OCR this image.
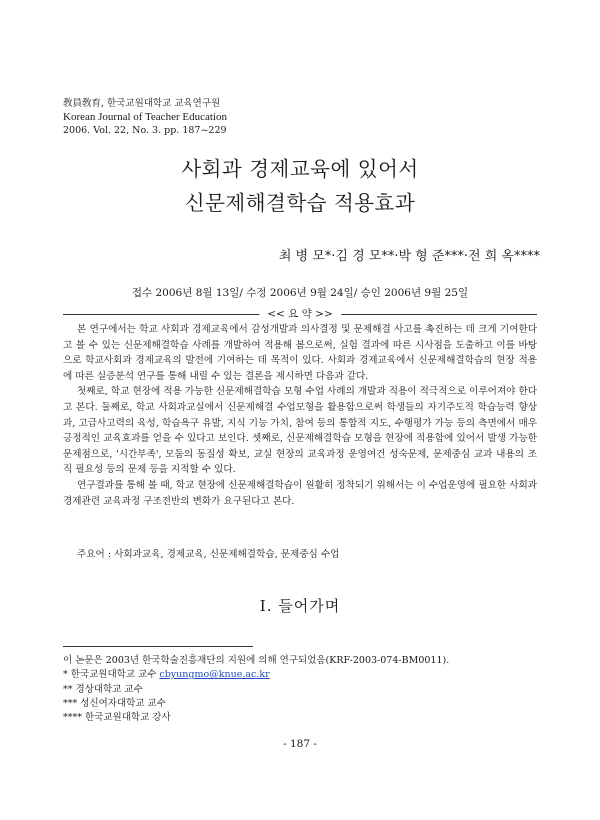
敎員敎育, 한국교원대학교 교육연구원
Korean Journal of Teacher Education
2006. Vol. 22, No. 3. pp. 187~229
사회과 경제교육에 있어서
신문제해결학습 적용효과
최 병 모*·김 경 모**·박 형 준***·전 희 옥****
접수 2006년 8월 13일/ 수정 2006년 9월 24일/ 승인 2006년 9월 25일
<< 요 약 >>

본 연구에서는 학교 사회과 경제교육에서 감성개발과 의사결정 및 문제해결 사고를 촉진하는 데 크게 기여한다고 볼 수 있는 신문제해결학습 사례를 개발하여 적용해 봄으로써, 실험 결과에 따른 시사점을 도출하고 이를 바탕으로 학교사회과 경제교육의 발전에 기여하는 데 목적이 있다. 사회과 경제교육에서 신문제해결학습의 현장 적용에 따른 실증분석 연구를 통해 내릴 수 있는 결론을 제시하면 다음과 같다.

첫째로, 학교 현장에 적용 가능한 신문제해결학습 모형 수업 사례의 개발과 적용이 적극적으로 이루어져야 한다고 본다. 둘째로, 학교 사회과교실에서 신문제해결 수업모형을 활용함으로써 학생들의 자기주도적 학습능력 향상과, 고급사고력의 육성, 학습욕구 유발, 지식 기능 가치, 참여 등의 통합적 지도, 수행평가 가능 등의 측면에서 매우 긍정적인 교육효과를 얻을 수 있다고 보인다. 셋째로, 신문제해결학습 모형을 현장에 적용함에 있어서 발생 가능한 문제점으로, '시간부족', 모둠의 동질성 확보, 교실 현장의 교육과정 운영여건 성숙문제, 문제중심 교과 내용의 조직 필요성 등의 문제 등을 지적할 수 있다.

연구결과를 통해 볼 때, 학교 현장에 신문제해결학습이 원활히 정착되기 위해서는 이 수업운영에 필요한 사회과 경제관련 교육과정 구조전반의 변화가 요구된다고 본다.

주요어 : 사회과교육, 경제교육, 신문제해결학습, 문제중심 수업
Ⅰ. 들어가며
이 논문은 2003년 한국학술진흥재단의 지원에 의해 연구되었음(KRF-2003-074-BM0011).
* 한국교원대학교 교수 cbyungmo@knue.ac.kr
** 경상대학교 교수
*** 성신여자대학교 교수
**** 한국교원대학교 강사
- 187 -
